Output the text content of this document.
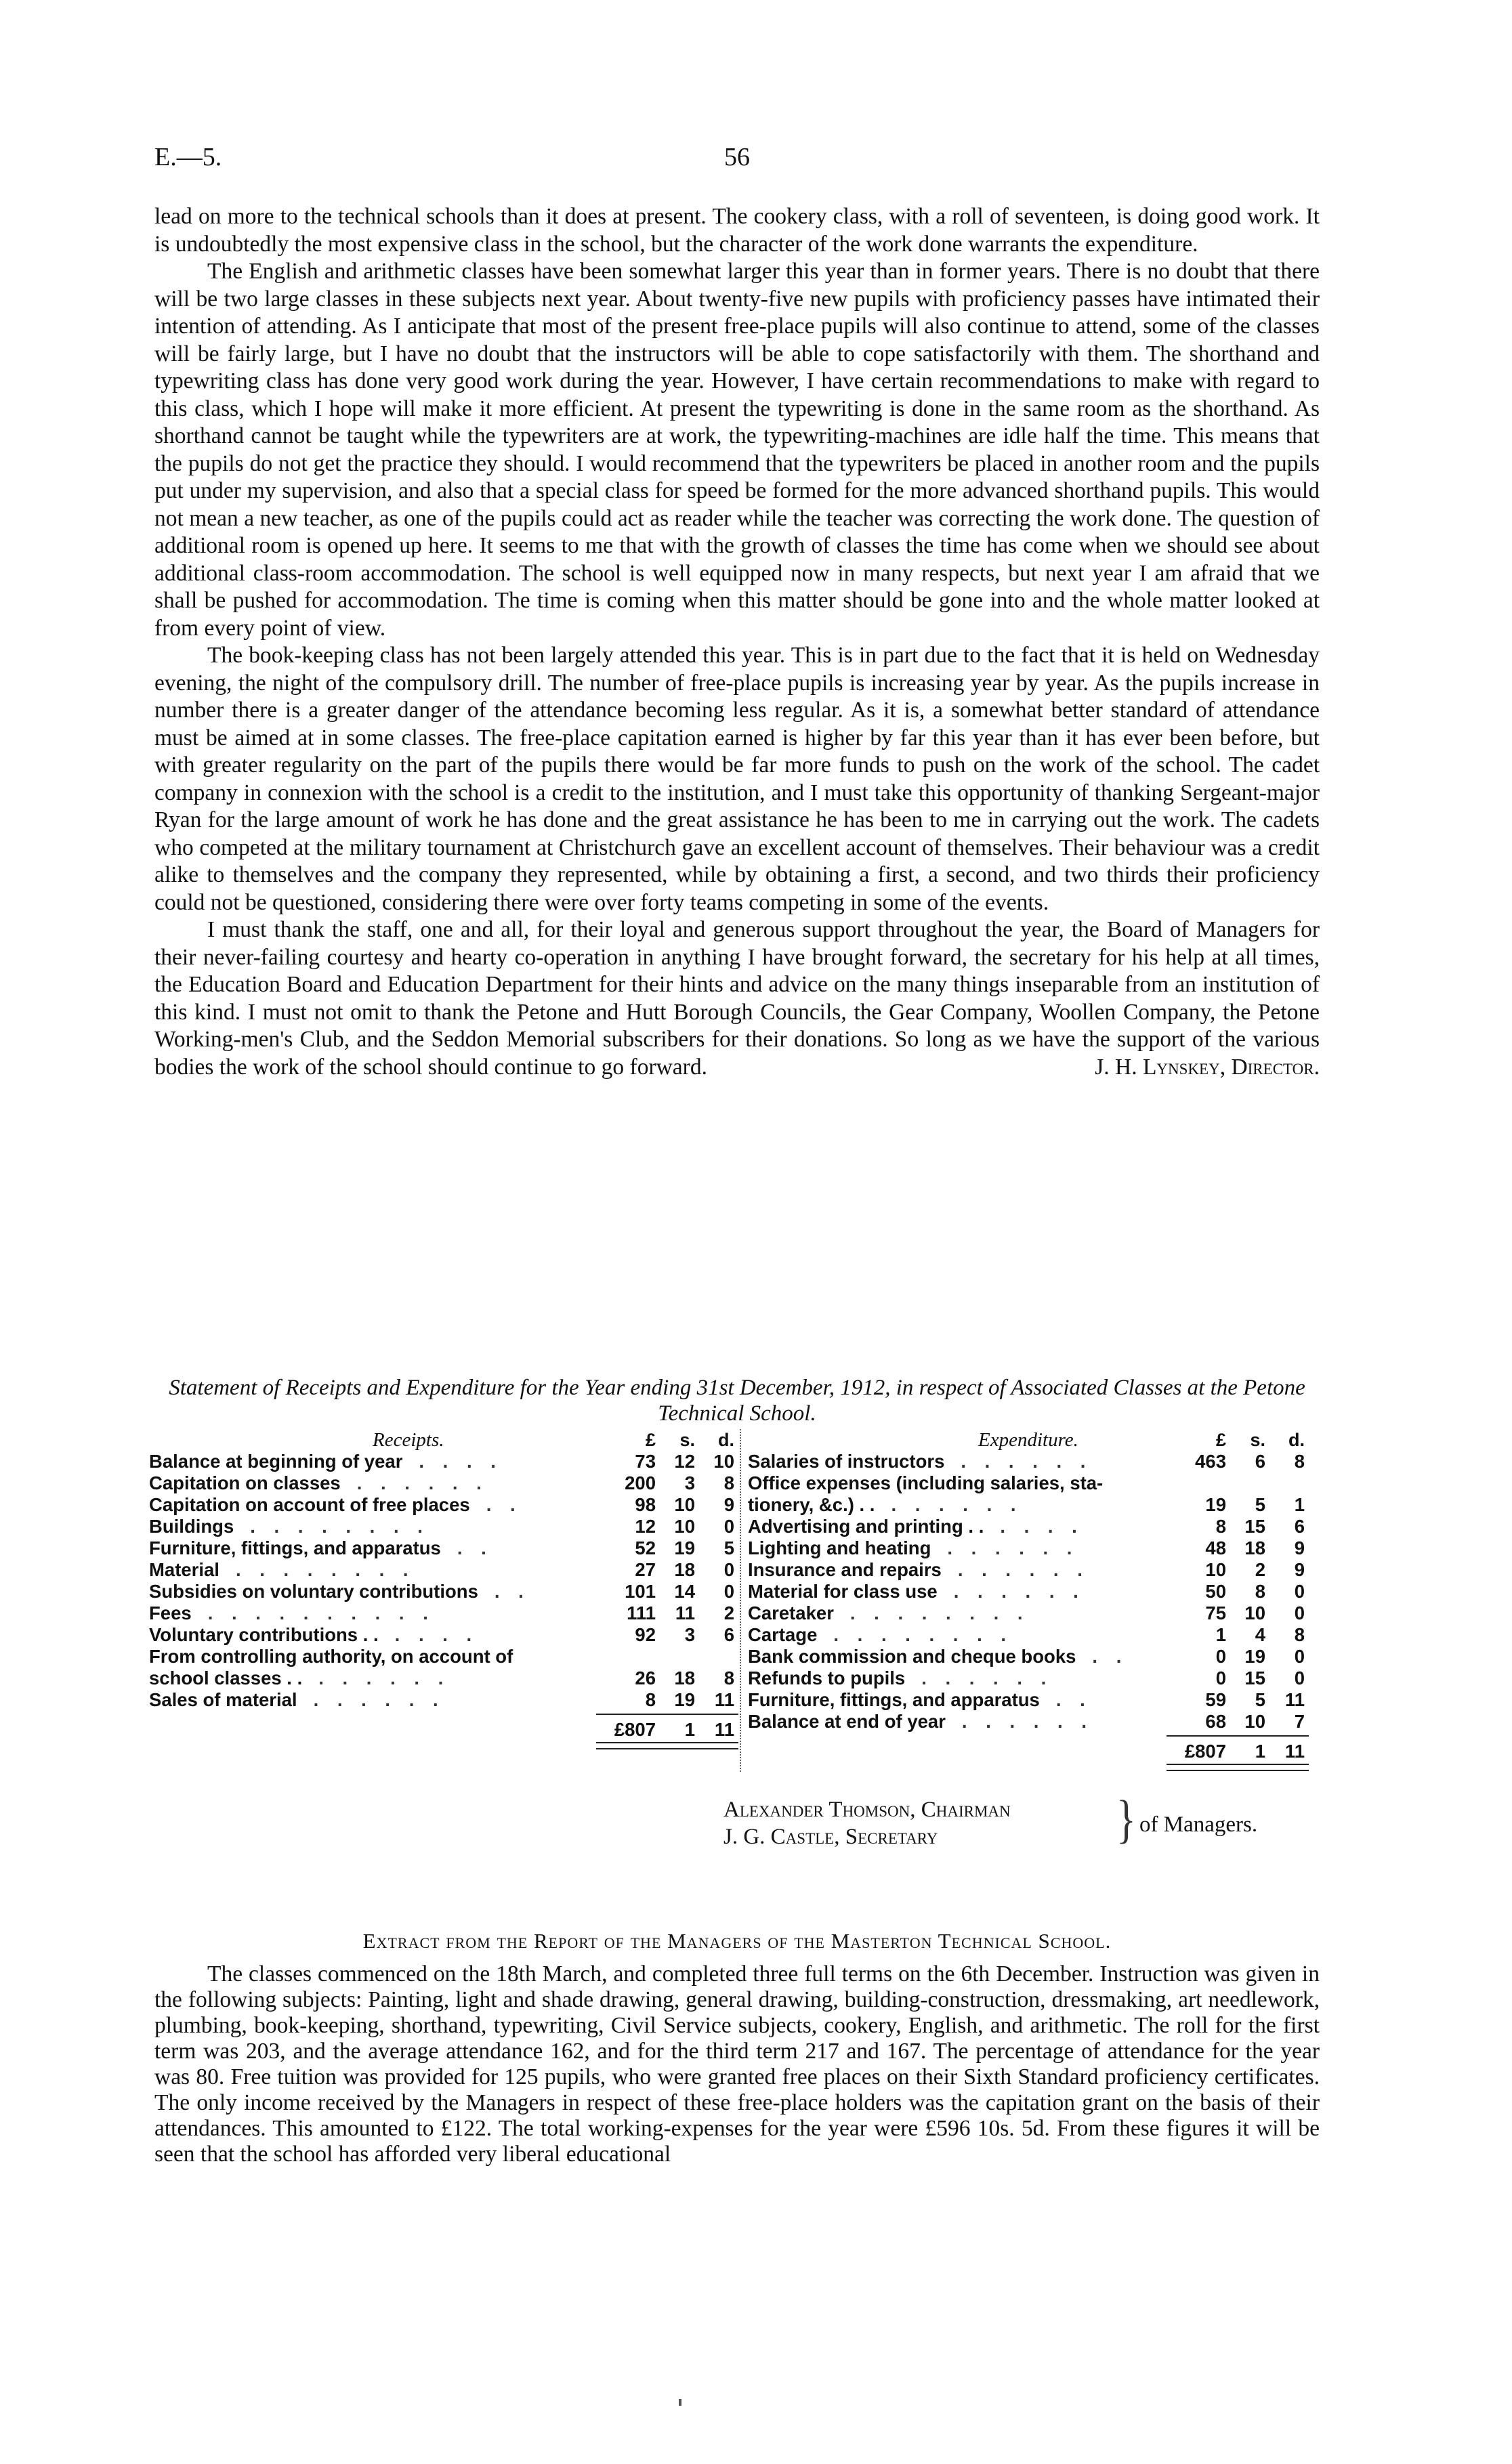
E.—5.	56

lead on more to the technical schools than it does at present. The cookery class, with a roll of seventeen, is doing good work. It is undoubtedly the most expensive class in the school, but the character of the work done warrants the expenditure.

The English and arithmetic classes have been somewhat larger this year than in former years. There is no doubt that there will be two large classes in these subjects next year. About twenty-five new pupils with proficiency passes have intimated their intention of attending. As I anticipate that most of the present free-place pupils will also continue to attend, some of the classes will be fairly large, but I have no doubt that the instructors will be able to cope satisfactorily with them. The shorthand and typewriting class has done very good work during the year. However, I have certain recommendations to make with regard to this class, which I hope will make it more efficient. At present the typewriting is done in the same room as the shorthand. As shorthand cannot be taught while the typewriters are at work, the typewriting-machines are idle half the time. This means that the pupils do not get the practice they should. I would recommend that the typewriters be placed in another room and the pupils put under my supervision, and also that a special class for speed be formed for the more advanced shorthand pupils. This would not mean a new teacher, as one of the pupils could act as reader while the teacher was correcting the work done. The question of additional room is opened up here. It seems to me that with the growth of classes the time has come when we should see about additional class-room accommodation. The school is well equipped now in many respects, but next year I am afraid that we shall be pushed for accommodation. The time is coming when this matter should be gone into and the whole matter looked at from every point of view.

The book-keeping class has not been largely attended this year. This is in part due to the fact that it is held on Wednesday evening, the night of the compulsory drill. The number of free-place pupils is increasing year by year. As the pupils increase in number there is a greater danger of the attendance becoming less regular. As it is, a somewhat better standard of attendance must be aimed at in some classes. The free-place capitation earned is higher by far this year than it has ever been before, but with greater regularity on the part of the pupils there would be far more funds to push on the work of the school. The cadet company in connexion with the school is a credit to the institution, and I must take this opportunity of thanking Sergeant-major Ryan for the large amount of work he has done and the great assistance he has been to me in carrying out the work. The cadets who competed at the military tournament at Christchurch gave an excellent account of themselves. Their behaviour was a credit alike to themselves and the company they represented, while by obtaining a first, a second, and two thirds their proficiency could not be questioned, considering there were over forty teams competing in some of the events.

I must thank the staff, one and all, for their loyal and generous support throughout the year, the Board of Managers for their never-failing courtesy and hearty co-operation in anything I have brought forward, the secretary for his help at all times, the Education Board and Education Department for their hints and advice on the many things inseparable from an institution of this kind. I must not omit to thank the Petone and Hutt Borough Councils, the Gear Company, Woollen Company, the Petone Working-men's Club, and the Seddon Memorial subscribers for their donations. So long as we have the support of the various bodies the work of the school should continue to go forward.	J. H. Lynskey, Director.

Statement of Receipts and Expenditure for the Year ending 31st December, 1912, in respect of Associated Classes at the Petone Technical School.
Receipts.	£	s.	d.
Balance at beginning of year . . . .	73 12 10
Capitation on classes . . . . . .	200	3	8
Capitation on account of free places . .	98 10	9
Buildings . . . . . . . .	12 10	0
Furniture, fittings, and apparatus . .	52 19	5
Material . . . . . . . .	27 18	0
Subsidies on voluntary contributions . .	101 14	0
Fees . . . . . . . . . .	111	11	2
Voluntary contributions . . . . . .	92	3	6
From controlling authority, on account of
school classes . . . . . . . .	26 18	8
Sales of material . . . . . .	8 19	11
£807	1	11
Expenditure.	£	s.	d.
Salaries of instructors . . . . . .	463	6	8
Office expenses (including salaries, sta-
tionery, &c.) . . . . . . . .	19	5	1
Advertising and printing . . . . . .	8 15	6
Lighting and heating . . . . . .	48 18	9
Insurance and repairs . . . . . .	10	2	9
Material for class use . . . . . .	50	8	0
Caretaker . . . . . . . .	75 10	0
Cartage . . . . . . . .	1	4	8
Bank commission and cheque books . .	0 19	0
Refunds to pupils . . . . . .	0 15	0
Furniture, fittings, and apparatus . .	59	5	11
Balance at end of year . . . . . .	68 10	7
£807	1	11
Alexander Thomson, Chairman
J. G. Castle, Secretary	} of Managers.
Extract from the Report of the Managers of the Masterton Technical School.

The classes commenced on the 18th March, and completed three full terms on the 6th December. Instruction was given in the following subjects: Painting, light and shade drawing, general drawing, building-construction, dressmaking, art needlework, plumbing, book-keeping, shorthand, typewriting, Civil Service subjects, cookery, English, and arithmetic. The roll for the first term was 203, and the average attendance 162, and for the third term 217 and 167. The percentage of attendance for the year was 80. Free tuition was provided for 125 pupils, who were granted free places on their Sixth Standard proficiency certificates. The only income received by the Managers in respect of these free-place holders was the capitation grant on the basis of their attendances. This amounted to £122. The total working-expenses for the year were £596 10s. 5d. From these figures it will be seen that the school has afforded very liberal educational
